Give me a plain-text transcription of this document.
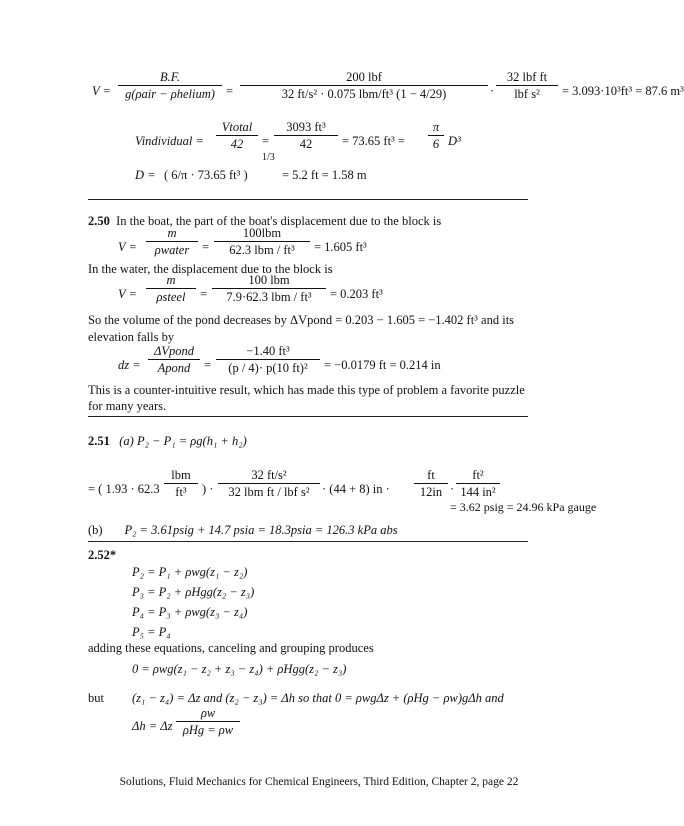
V =
B.F.
g(ρair − ρhelium) =
200 lbf
32 ft/s² · 0.075 lbm/ft³ (1 − 4/29)	·
32 lbf ft
lbf s²	= 3.093·10³ft³ = 87.6 m³
Vindividual =
Vtotal
42	= $\frac{\text{3093 ft³}}{42} = 73.65$ $ft^3 = \frac{\pi}{6} D^3$
D = ( 6/π · 73.65 ft³ )
1/3
= 5.2 ft = 1.58 m
2.50 In the boat, the part of the boat's displacement due to the block is
V =
m
ρwater	=
100lbm
62.3 lbm / ft³	= 1.605 ft³
In the water, the displacement due to the block is
V =
m
ρsteel	=
100 lbm
7.9·62.3 lbm / ft³	= 0.203 ft³
So the volume of the pond decreases by ΔVpond = 0.203 − 1.605 = −1.402 ft³ and its
elevation falls by
dz =
ΔVpond
Apond	= $\frac{\text{−1.40 ft³}}{\text{(p / 4)· p(10 ft)²}} = -0.0179$ ft = 0.214 in
This is a counter-intuitive result, which has made this type of problem a favorite puzzle
for many years.
2.51 (a) P₂ − P₁ = ρg(h₁ + h₂)
= ( 1.93 · 62.3
lbm
ft³	) ·
32 ft/s²
32 lbm ft / lbf s² · (44 + 8) in · $\frac{ft}{12in} \cdot \frac{\text{ft²}}{\text{144 in²}}$
= 3.62 psig = 24.96 kPa gauge
(b) P₂ = 3.61psig + 14.7 psia = 18.3psia = 126.3 kPa abs
2.52*
P₂ = P₁ + ρwg(z₁ − z₂)
P₃ = P₂ + ρHgg(z₂ − z₃)
P₄ = P₃ + ρwg(z₃ − z₄)
P₅ = P₄
adding these equations, canceling and grouping produces
0 = ρwg(z₁ − z₂ + z₃ − z₄) + ρHgg(z₂ − z₃)
but (z₁ − z₄) = Δz and (z₂ − z₃) = Δh so that 0 = ρwgΔz + (ρHg − ρw)gΔh and
Δh = Δz
ρw
ρHg = ρw
Solutions, Fluid Mechanics for Chemical Engineers, Third Edition, Chapter 2, page 22
